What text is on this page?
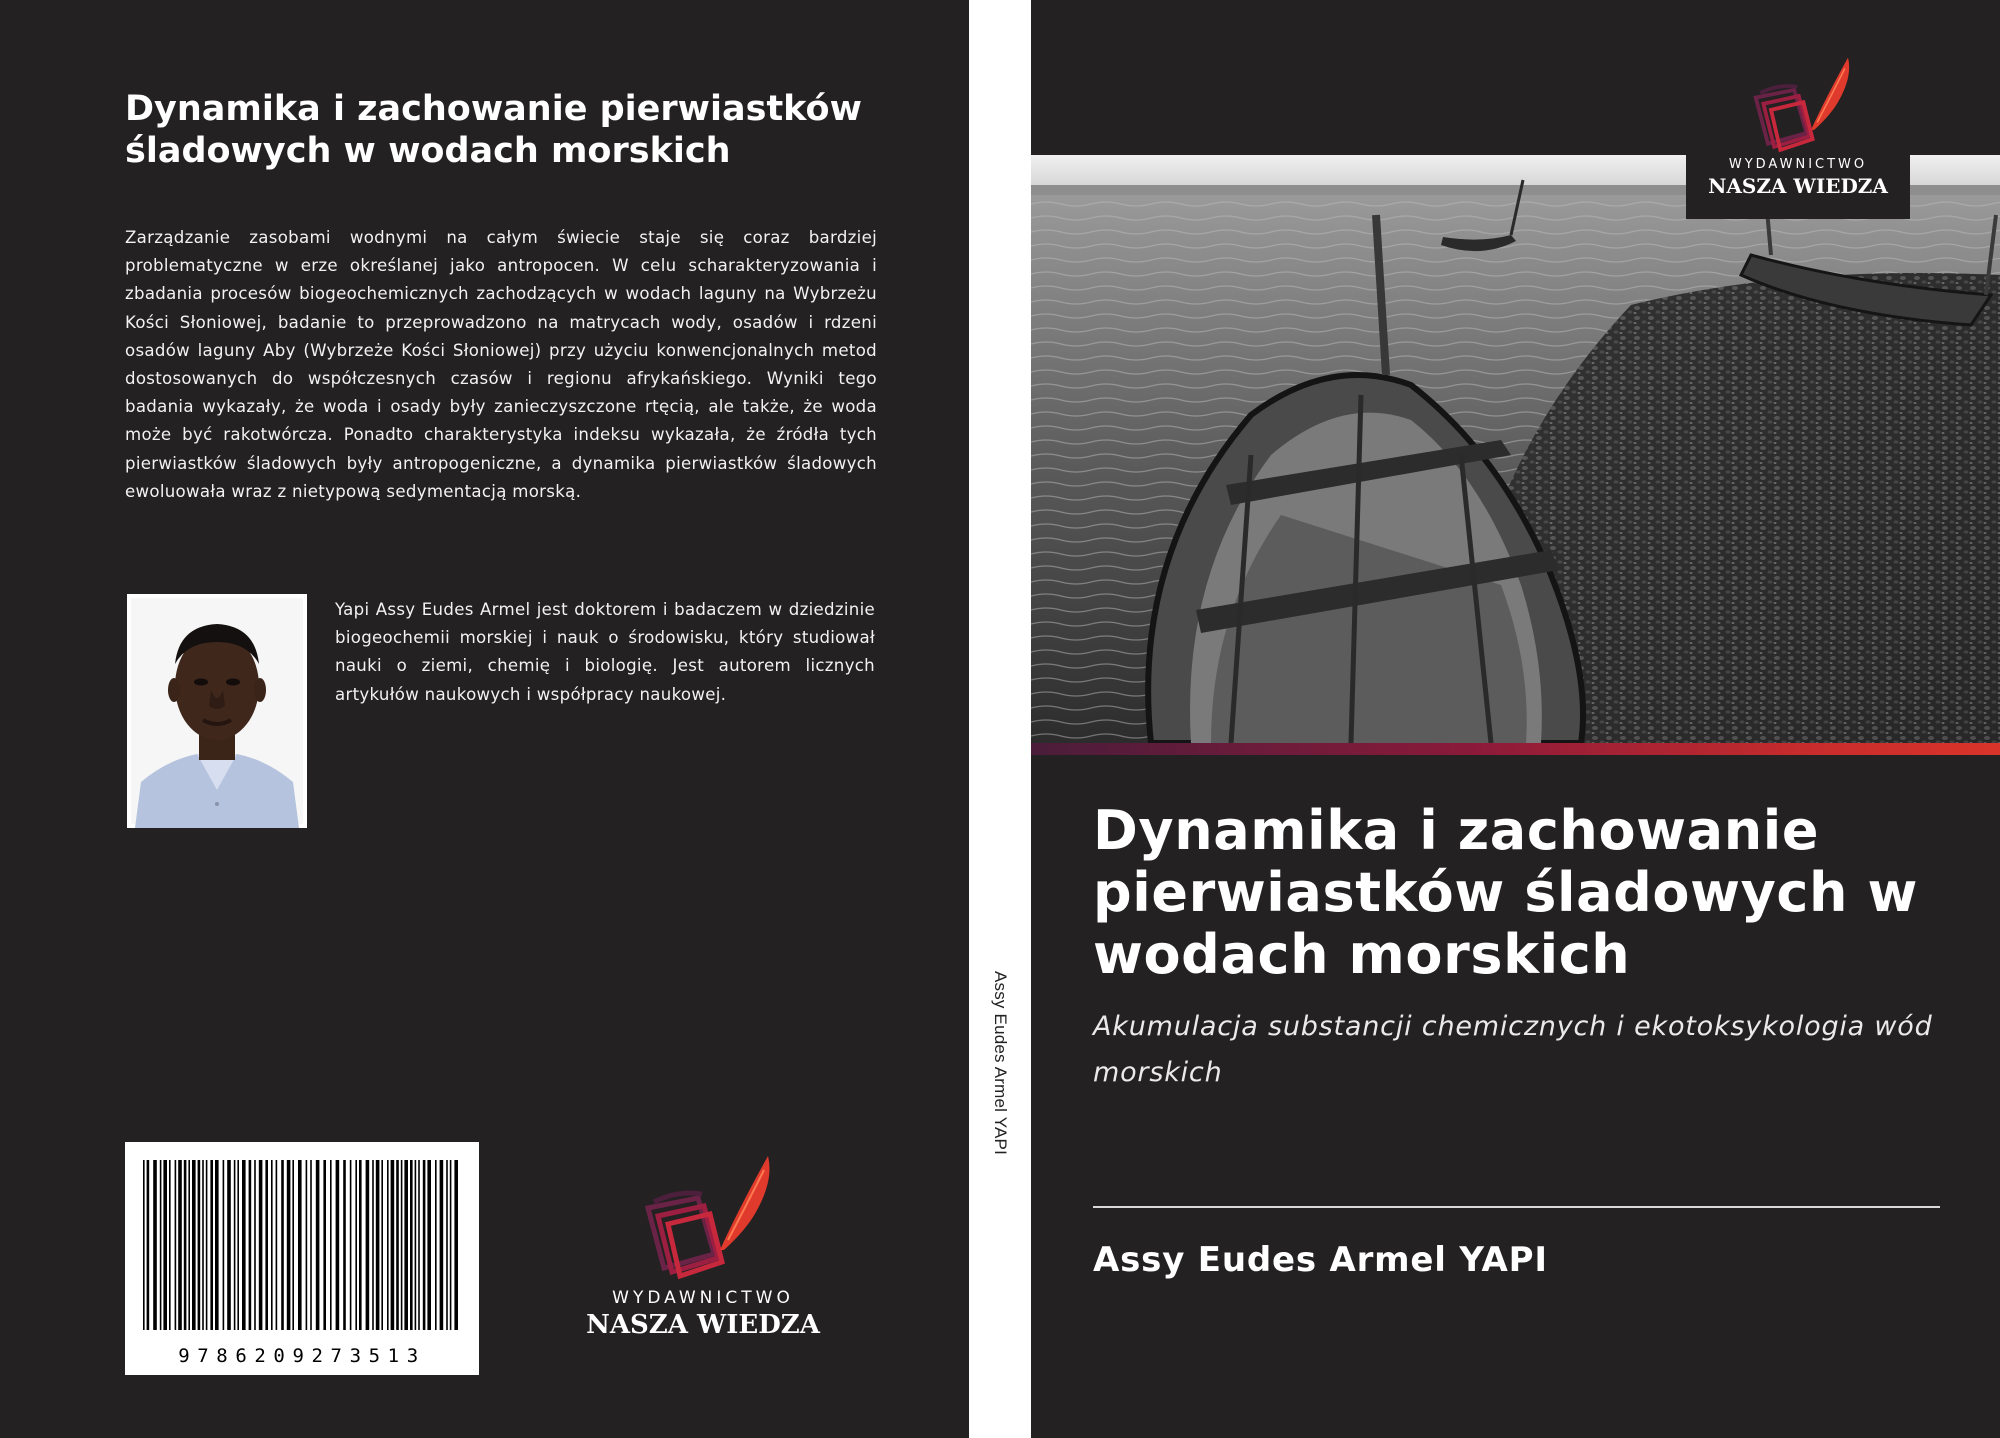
Dynamika i zachowanie pierwiastków śladowych w wodach morskich

Zarządzanie zasobami wodnymi na całym świecie staje się coraz bardziej problematyczne w erze określanej jako antropocen. W celu scharakteryzowania i zbadania procesów biogeochemicznych zachodzących w wodach laguny na Wybrzeżu Kości Słoniowej, badanie to przeprowadzono na matrycach wody, osadów i rdzeni osadów laguny Aby (Wybrzeże Kości Słoniowej) przy użyciu konwencjonalnych metod dostosowanych do współczesnych czasów i regionu afrykańskiego. Wyniki tego badania wykazały, że woda i osady były zanieczyszczone rtęcią, ale także, że woda może być rakotwórcza. Ponadto charakterystyka indeksu wykazała, że źródła tych pierwiastków śladowych były antropogeniczne, a dynamika pierwiastków śladowych ewoluowała wraz z nietypową sedymentacją morską.

Yapi Assy Eudes Armel jest doktorem i badaczem w dziedzinie biogeochemii morskiej i nauk o środowisku, który studiował nauki o ziemi, chemię i biologię. Jest autorem licznych artykułów naukowych i współpracy naukowej.

9786209273513
WYDAWNICTWO
NASZA WIEDZA
Assy Eudes Armel YAPI
WYDAWNICTWO
NASZA WIEDZA
Dynamika i zachowanie pierwiastków śladowych w wodach morskich
Akumulacja substancji chemicznych i ekotoksykologia wód morskich
Assy Eudes Armel YAPI
